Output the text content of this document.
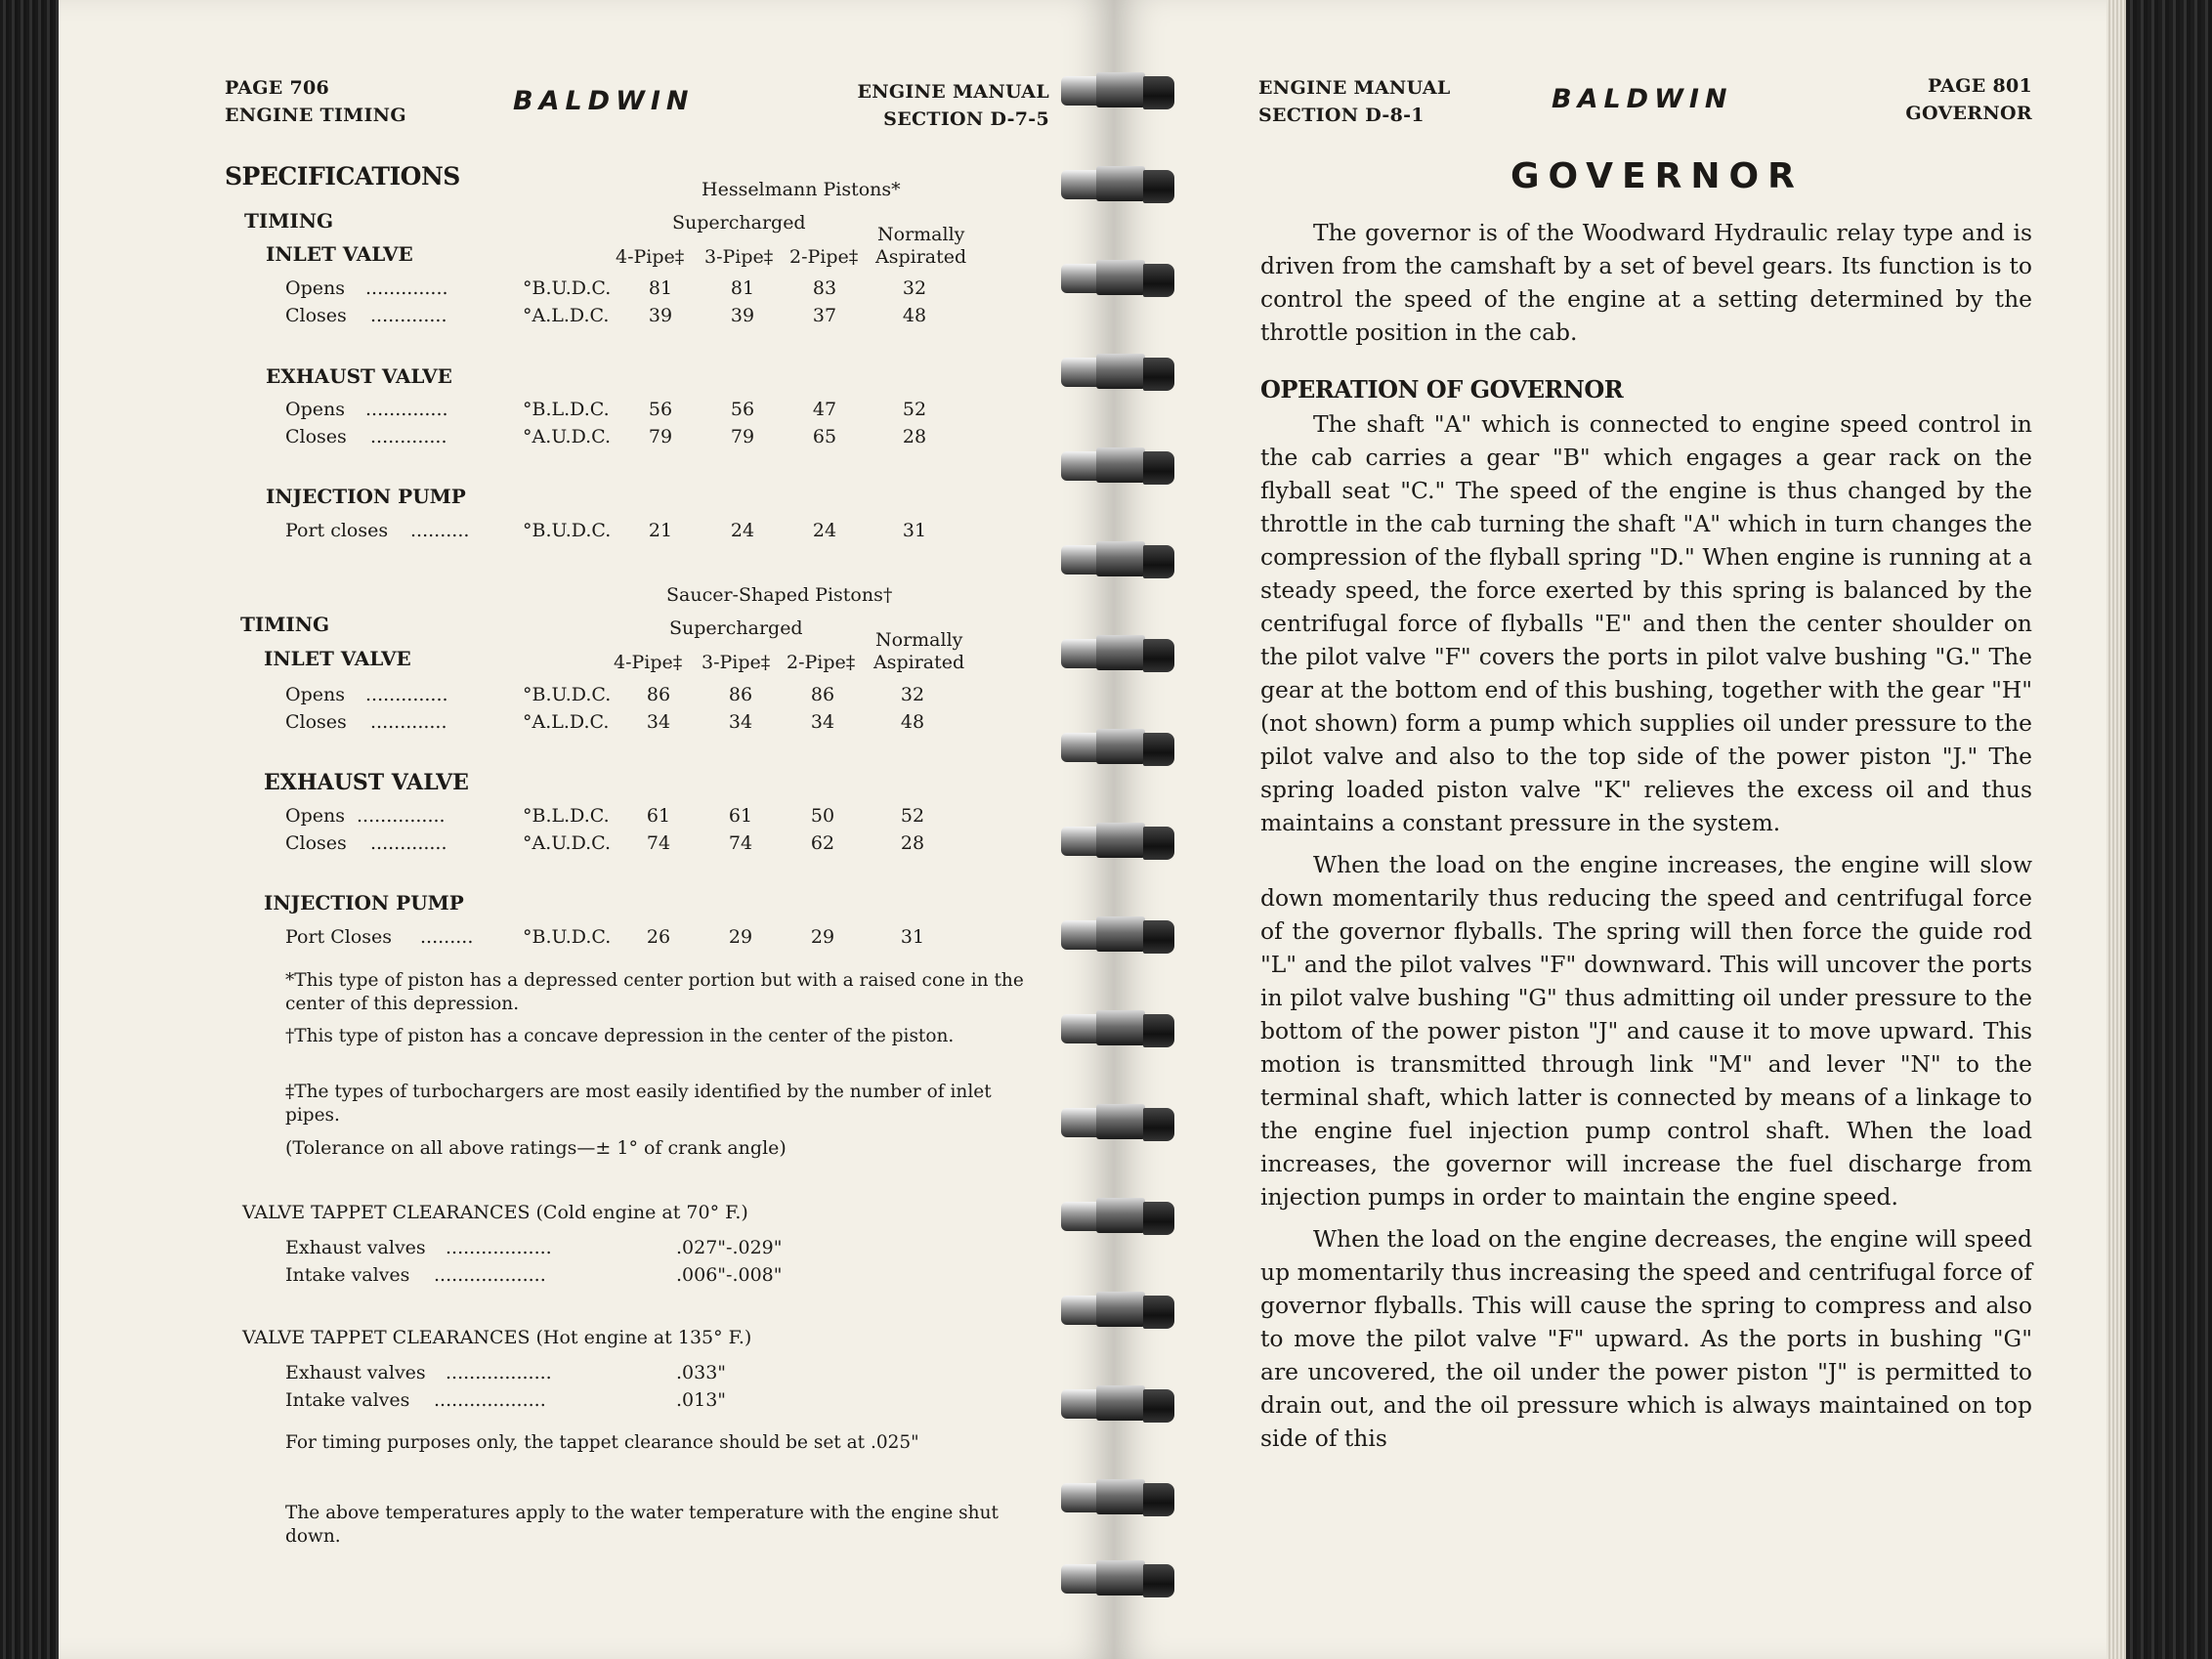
PAGE 706
ENGINE TIMING	BALDWIN	ENGINE MANUAL
SECTION D-7-5
SPECIFICATIONS	Hesselmann Pistons*
Supercharged
Normally
TIMING
INLET VALVE	4-Pipe‡ 3-Pipe‡ 2-Pipe‡ Aspirated
Opens ..............	°B.U.D.C.	81	81	83	32
Closes .............	°A.L.D.C.	39	39	37	48
EXHAUST VALVE
Opens ..............	°B.L.D.C.	56	56	47	52
Closes .............	°A.U.D.C.	79	79	65	28
INJECTION PUMP
Port closes ..........	°B.U.D.C.	21	24	24	31
Saucer-Shaped Pistons†
Supercharged
Normally
TIMING
INLET VALVE	4-Pipe‡ 3-Pipe‡ 2-Pipe‡ Aspirated
Opens ..............	°B.U.D.C.	86	86	86	32
Closes .............	°A.L.D.C.	34	34	34	48
EXHAUST VALVE
Opens ...............	°B.L.D.C.	61	61	50	52
Closes .............	°A.U.D.C.	74	74	62	28
INJECTION PUMP
Port Closes .........	°B.U.D.C.	26	29	29	31
*This type of piston has a depressed center portion but with a raised cone in the center of this depression.
†This type of piston has a concave depression in the center of the piston.
‡The types of turbochargers are most easily identified by the number of inlet pipes.
(Tolerance on all above ratings—± 1° of crank angle)
VALVE TAPPET CLEARANCES (Cold engine at 70° F.)
Exhaust valves ..................	.027"-.029"
Intake valves ...................	.006"-.008"
VALVE TAPPET CLEARANCES (Hot engine at 135° F.)
Exhaust valves ..................	.033"
Intake valves ...................	.013"
For timing purposes only, the tappet clearance should be set at .025"
The above temperatures apply to the water temperature with the engine shut down.
ENGINE MANUAL
SECTION D-8-1
BALDWIN	PAGE 801
GOVERNOR
GOVERNOR

The governor is of the Woodward Hydraulic relay type and is driven from the camshaft by a set of bevel gears. Its function is to control the speed of the engine at a setting determined by the throttle position in the cab.

OPERATION OF GOVERNOR

The shaft "A" which is connected to engine speed control in the cab carries a gear "B" which engages a gear rack on the flyball seat "C." The speed of the engine is thus changed by the throttle in the cab turning the shaft "A" which in turn changes the compression of the flyball spring "D." When engine is running at a steady speed, the force exerted by this spring is balanced by the centrifugal force of flyballs "E" and then the center shoulder on the pilot valve "F" covers the ports in pilot valve bushing "G." The gear at the bottom end of this bushing, together with the gear "H" (not shown) form a pump which supplies oil under pressure to the pilot valve and also to the top side of the power piston "J." The spring loaded piston valve "K" relieves the excess oil and thus maintains a constant pressure in the system.

When the load on the engine increases, the engine will slow down momentarily thus reducing the speed and centrifugal force of the governor flyballs. The spring will then force the guide rod "L" and the pilot valves "F" downward. This will uncover the ports in pilot valve bushing "G" thus admitting oil under pressure to the bottom of the power piston "J" and cause it to move upward. This motion is transmitted through link "M" and lever "N" to the terminal shaft, which latter is connected by means of a linkage to the engine fuel injection pump control shaft. When the load increases, the governor will increase the fuel discharge from injection pumps in order to maintain the engine speed.

When the load on the engine decreases, the engine will speed up momentarily thus increasing the speed and centrifugal force of governor flyballs. This will cause the spring to compress and also to move the pilot valve "F" upward. As the ports in bushing "G" are uncovered, the oil under the power piston "J" is permitted to drain out, and the oil pressure which is always maintained on top side of this
